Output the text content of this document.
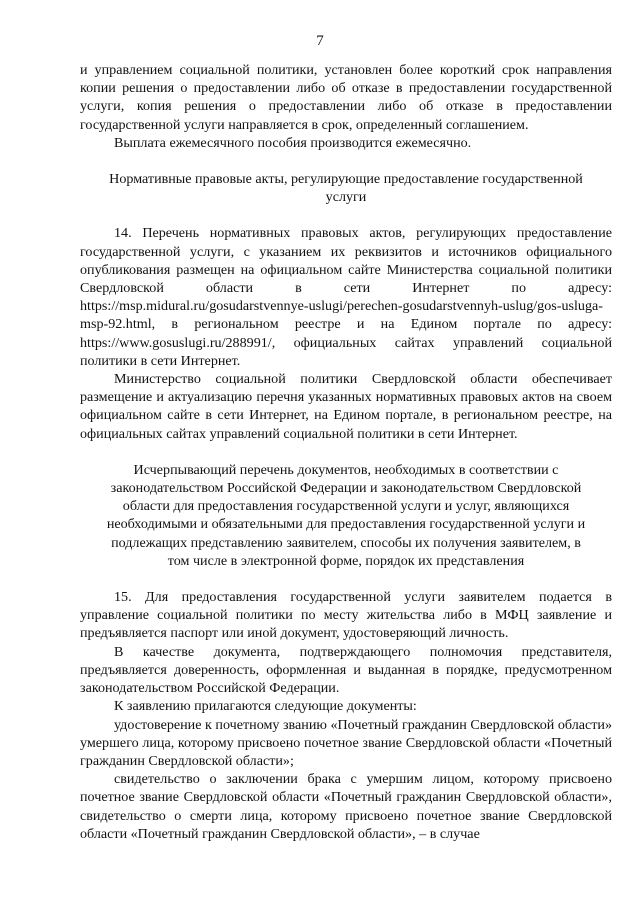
7

и управлением социальной политики, установлен более короткий срок направления копии решения о предоставлении либо об отказе в предоставлении государственной услуги, копия решения о предоставлении либо об отказе в предоставлении государственной услуги направляется в срок, определенный соглашением.

Выплата ежемесячного пособия производится ежемесячно.

Нормативные правовые акты, регулирующие предоставление государственной услуги

14. Перечень нормативных правовых актов, регулирующих предоставление государственной услуги, с указанием их реквизитов и источников официального опубликования размещен на официальном сайте Министерства социальной политики Свердловской области в сети Интернет по адресу: https://msp.midural.ru/gosudarstvennye-uslugi/perechen-gosudarstvennyh-uslug/gos-usluga-msp-92.html, в региональном реестре и на Едином портале по адресу: https://www.gosuslugi.ru/288991/, официальных сайтах управлений социальной политики в сети Интернет.

Министерство социальной политики Свердловской области обеспечивает размещение и актуализацию перечня указанных нормативных правовых актов на своем официальном сайте в сети Интернет, на Едином портале, в региональном реестре, на официальных сайтах управлений социальной политики в сети Интернет.

Исчерпывающий перечень документов, необходимых в соответствии с законодательством Российской Федерации и законодательством Свердловской области для предоставления государственной услуги и услуг, являющихся необходимыми и обязательными для предоставления государственной услуги и подлежащих представлению заявителем, способы их получения заявителем, в том числе в электронной форме, порядок их представления

15. Для предоставления государственной услуги заявителем подается в управление социальной политики по месту жительства либо в МФЦ заявление и предъявляется паспорт или иной документ, удостоверяющий личность.

В качестве документа, подтверждающего полномочия представителя, предъявляется доверенность, оформленная и выданная в порядке, предусмотренном законодательством Российской Федерации.

К заявлению прилагаются следующие документы:

удостоверение к почетному званию «Почетный гражданин Свердловской области» умершего лица, которому присвоено почетное звание Свердловской области «Почетный гражданин Свердловской области»;

свидетельство о заключении брака с умершим лицом, которому присвоено почетное звание Свердловской области «Почетный гражданин Свердловской области», свидетельство о смерти лица, которому присвоено почетное звание Свердловской области «Почетный гражданин Свердловской области», – в случае
